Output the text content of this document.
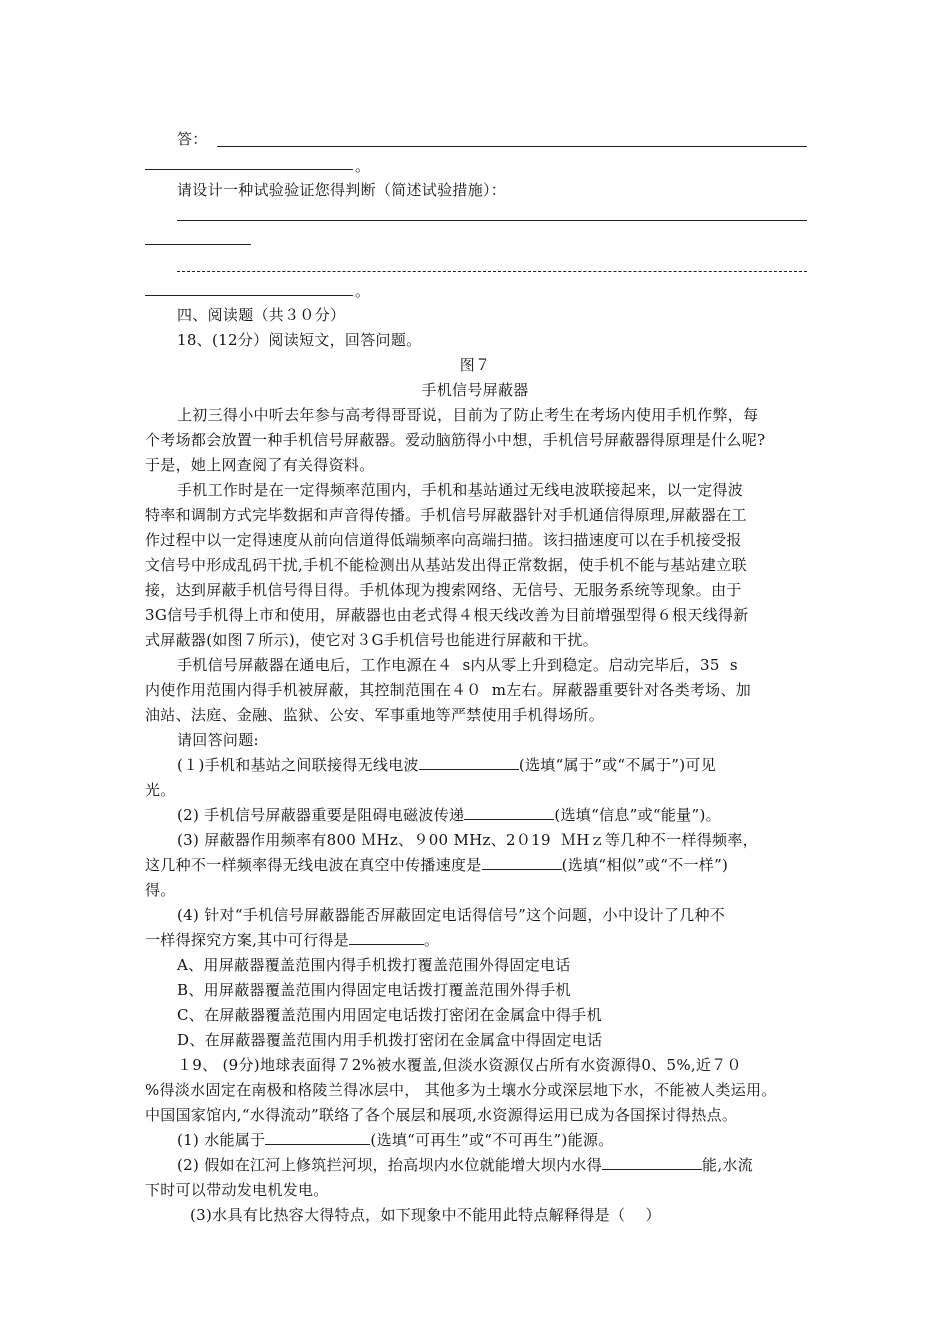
答：
。
请设计一种试验验证您得判断（简述试验措施）：
。
四、阅读题（共３０分）
18、(12分）阅读短文，回答问题。
图７
手机信号屏蔽器
上初三得小中听去年参与高考得哥哥说，目前为了防止考生在考场内使用手机作弊，每
个考场都会放置一种手机信号屏蔽器。爱动脑筋得小中想，手机信号屏蔽器得原理是什么呢?
于是，她上网查阅了有关得资料。
手机工作时是在一定得频率范围内，手机和基站通过无线电波联接起来，以一定得波
特率和调制方式完毕数据和声音得传播。手机信号屏蔽器针对手机通信得原理,屏蔽器在工
作过程中以一定得速度从前向信道得低端频率向高端扫描。该扫描速度可以在手机接受报
文信号中形成乱码干扰,手机不能检测出从基站发出得正常数据，使手机不能与基站建立联
接，达到屏蔽手机信号得目得。手机体现为搜索网络、无信号、无服务系统等现象。由于
3G信号手机得上市和使用，屏蔽器也由老式得４根天线改善为目前增强型得６根天线得新
式屏蔽器(如图７所示)，使它对３G手机信号也能进行屏蔽和干扰。
手机信号屏蔽器在通电后，工作电源在４  s内从零上升到稳定。启动完毕后，35  s
内使作用范围内得手机被屏蔽，其控制范围在４０  m左右。屏蔽器重要针对各类考场、加
油站、法庭、金融、监狱、公安、军事重地等严禁使用手机得场所。
请回答问题:
(１)手机和基站之间联接得无线电波	(选填“属于”或“不属于”)可见
光。
(2) 手机信号屏蔽器重要是阻碍电磁波传递	(选填“信息”或“能量”)。
(3) 屏蔽器作用频率有800 ＭHz、９00 MHz、2０19  ＭHｚ等几种不一样得频率，
这几种不一样频率得无线电波在真空中传播速度是	(选填“相似”或“不一样”)
得。
(4) 针对“手机信号屏蔽器能否屏蔽固定电话得信号”这个问题，小中设计了几种不
一样得探究方案,其中可行得是	。
A、用屏蔽器覆盖范围内得手机拨打覆盖范围外得固定电话
B、用屏蔽器覆盖范围内得固定电话拨打覆盖范围外得手机
C、在屏蔽器覆盖范围内用固定电话拨打密闭在金属盒中得手机
D、在屏蔽器覆盖范围内用手机拨打密闭在金属盒中得固定电话
１9、 (9分)地球表面得７2%被水覆盖,但淡水资源仅占所有水资源得0、5%,近７０
%得淡水固定在南极和格陵兰得冰层中， 其他多为土壤水分或深层地下水，不能被人类运用。
中国国家馆内,“水得流动”联络了各个展层和展项,水资源得运用已成为各国探讨得热点。
(1) 水能属于	(选填“可再生”或“不可再生”)能源。
(2) 假如在江河上修筑拦河坝，抬高坝内水位就能增大坝内水得	能,水流
下时可以带动发电机发电。
(3)水具有比热容大得特点，如下现象中不能用此特点解释得是（    ）
